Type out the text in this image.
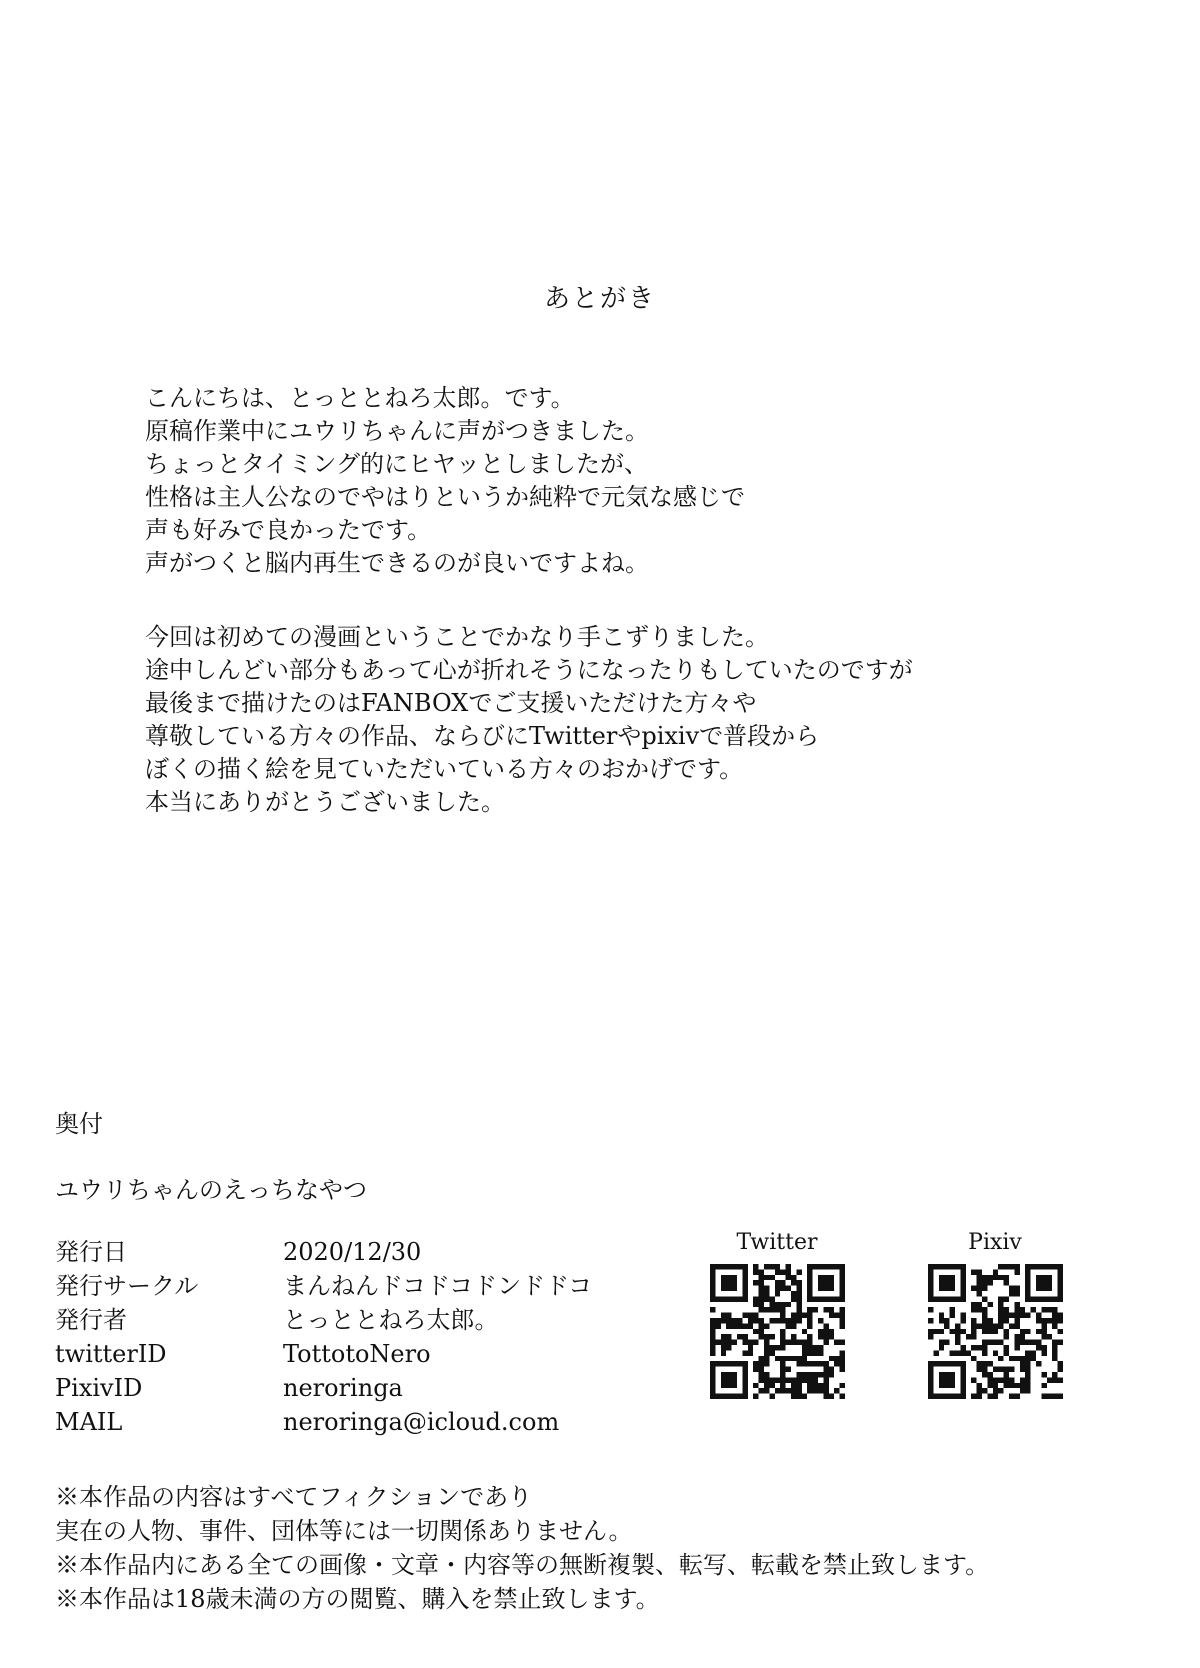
あとがき
こんにちは、とっととねろ太郎。です。
原稿作業中にユウリちゃんに声がつきました。
ちょっとタイミング的にヒヤッとしましたが、
性格は主人公なのでやはりというか純粋で元気な感じで
声も好みで良かったです。
声がつくと脳内再生できるのが良いですよね。
今回は初めての漫画ということでかなり手こずりました。
途中しんどい部分もあって心が折れそうになったりもしていたのですが
最後まで描けたのはFANBOXでご支援いただけた方々や
尊敬している方々の作品、ならびにTwitterやpixivで普段から
ぼくの描く絵を見ていただいている方々のおかげです。
本当にありがとうございました。
奥付
ユウリちゃんのえっちなやつ
発行日	2020/12/30
発行サークル	まんねんドコドコドンドドコ
発行者	とっととねろ太郎。
twitterID	TottotoNero
PixivID	neroringa
MAIL	neroringa@icloud.com
Twitter	Pixiv
※本作品の内容はすべてフィクションであり
実在の人物、事件、団体等には一切関係ありません。
※本作品内にある全ての画像・文章・内容等の無断複製、転写、転載を禁止致します。
※本作品は18歳未満の方の閲覧、購入を禁止致します。
